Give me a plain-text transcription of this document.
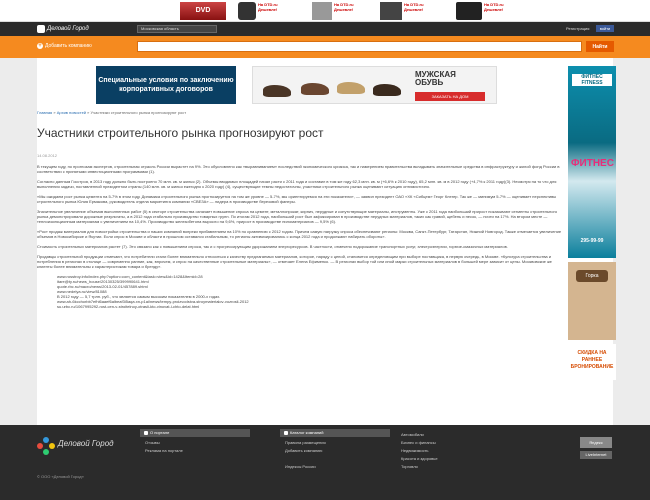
DVD
На DTD.ru Дешевле!
На DTD.ru Дешевле!
На DTD.ru Дешевле!
На DTD.ru Дешевле!
Деловой Город	Московская область	Регистрация	войти
+ Добавить компанию	Найти
Специальные условия по заключению корпоративных договоров
МУЖСКАЯ ОБУВЬ
ЗАКАЗАТЬ НА ДОМ
ФИТНЕС FITNESS
ФИТНЕС
295-99-99
Горка
СКИДКА НА РАННЕЕ БРОНИРОВАНИЕ
Главная » Архив новостей » Участники строительного рынка прогнозируют рост
Участники строительного рынка прогнозируют рост
14.08.2012

В текущем году, по прогнозам экспертов, строительная отрасль России вырастет на 9%. Это обусловлено как «выравниванием» последствий экономического кризиса, так и намерением правительства вкладывать значительные средства в инфраструктуру и жилой фонд России в соответствии с принятыми инвестиционными программами (1).

Согласно данным Госстроя, в 2013 году должно быть построено 70 млн. кв. м жилья (2). Объемы вводимых площадей начал расти с 2011 года и составил в том же году 62,3 млн. кв. м (+6,6% к 2010 году), 65,2 млн. кв. м в 2012 году (+4,7% к 2011 году)(3). Несмотря на то что для выполнения задачи, поставленной президентом страны (140 млн. кв. м жилья ежегодно к 2020 году) (4), существующие темпы недостаточны, участники строительного рынка оценивают ситуацию оптимистично.

«Мы ожидаем рост рынка цемента на 5-7% в этом году. Динамика строительного рынка прогнозируется на том же уровне — 5-7%, мы ориентируемся на эти показатели», — заявил президент ОАО «ХК «Сибцем» Георг Клегер. Так же — минимум 5-7% — оценивает перспективы строительного рынка Юлия Ермакова, руководитель отдела маркетинга компании «СВЕЗА» — лидера в производстве березовой фанеры.

Значительное увеличение объемов выполненных работ (5) в секторе строительства означает повышение спроса на цемент, металлопрокат, кирпич, нерудные и сопутствующие материалы, инструменты. Уже с 2011 года наибольший прирост показывают сегменты строительного рынка демонстрировали дорожные результаты, а в 2012 года стабильно производство товарных групп. По итогам 2012 года, наибольший рост был зафиксирован в производстве нерудных материалов, таких как гравий, щебень и песок, — почти на 17%. На втором месте — теплоизоляционным материалам с увеличением на 10,4%. Производство железобетона выросло на 9,6%, прирост в производстве пиломатериалов — 9,5% (6).

«Рост продаж материалов для новостройки строительства и наших компаний вопреки прибавлением на 10% по сравнению с 2012 годом. Причем самую нагрузку спроса обеспечивают регионы: Москва, Санкт-Петербург, Татарстан, Нижний Новгород. Также отмечается увеличение объемов в Новосибирске и Якутии. Если спрос в Москве и области в прошлом оставался стабильным, то регионы активизировались с конца 2012 года и продолжают набирать обороты».

Стоимость строительных материалов растет (7). Это связано как с повышением спроса, так и с прогрессирующим удорожанием энергоресурсов. В частности, отмечено подорожание транспортных услуг, электроэнергии, горюче-смазочных материалов.

Продавцы строительной продукции отмечают, что потребители стали более внимательно относиться к качеству предлагаемых материалов, которое, наряду с ценой, становится определяющим при выборе поставщика, в первую очередь, в Москве. «Культура строительства и потребления в регионах в столице — современно ранние, как, впрочем, и спрос на качественные строительные материалы», — отмечает Елена Ефименко. — В регионах выбор той или иной марки строительных материалов в большей мере зависит от цены. Москвовские же клиенты более внимательны к характеристикам товара и бренду».

www.rosstroy.info/index.php?option=com_content&task=view&id=1428&Itemid=28
itare@ty.ru/news_house/20130325/399990641.html
quote.rbc.ru/macro/news/2013-02-01/457889.shtml
www.nedelya.ru/view/81088
В 2012 году — 5,7 трлн. руб., что является самым высоким показателем в 2000-х годах.
www.ah-6kcchorbb7efhl6aaef6albeaf3i5aqa.xn-p1ai/news/tempy-proizvodstva-stroymaterialov-vozrosli-2012
su.urbc.ru/1067995292-rost-cen-v-stroitelnoy-otrasli-kto-vinovat-i-chto-delat.html
Деловой Город
© ООО «Деловой Город»
О портале
Отзывы
Реклама на портале
Каталог компаний
Правила размещения
Добавить компанию
Индексы России
Автомобили
Бизнес и финансы
Недвижимость
Красота и здоровье
Торговля
Яндекс
LiveInternet
